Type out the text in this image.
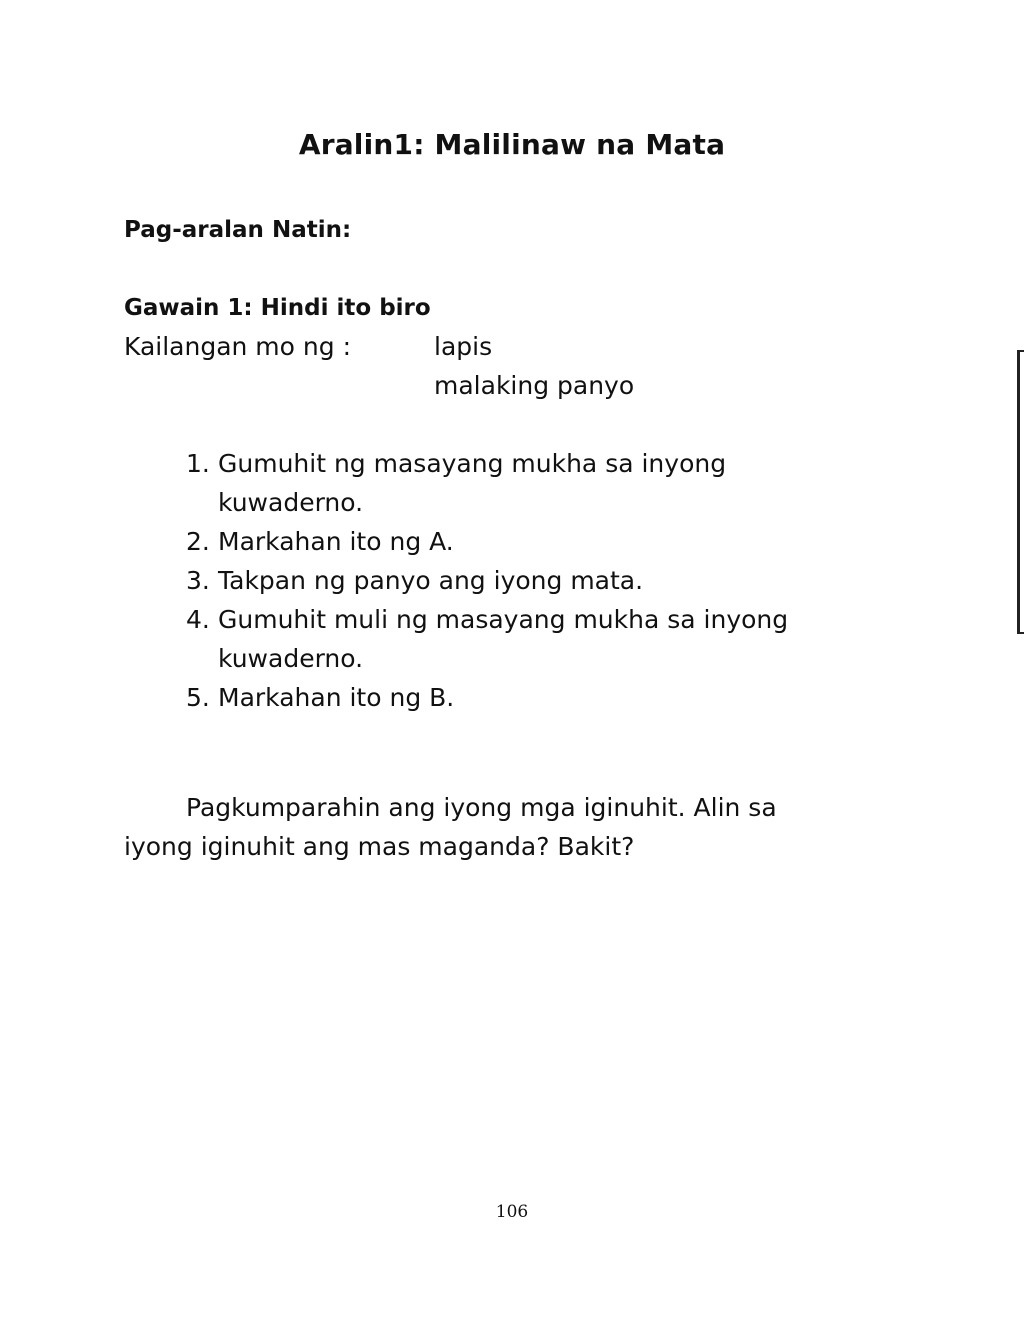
Aralin1: Malilinaw na Mata
Pag-aralan Natin:
Gawain 1: Hindi ito biro
Kailangan mo ng :	lapis
malaking panyo
1. Gumuhit ng masayang mukha sa inyong kuwaderno.
2. Markahan ito ng A.
3. Takpan ng panyo ang iyong mata.
4. Gumuhit muli ng masayang mukha sa inyong kuwaderno.
5. Markahan ito ng B.

Pagkumparahin ang iyong mga iginuhit. Alin sa iyong iginuhit ang mas maganda? Bakit?

106
